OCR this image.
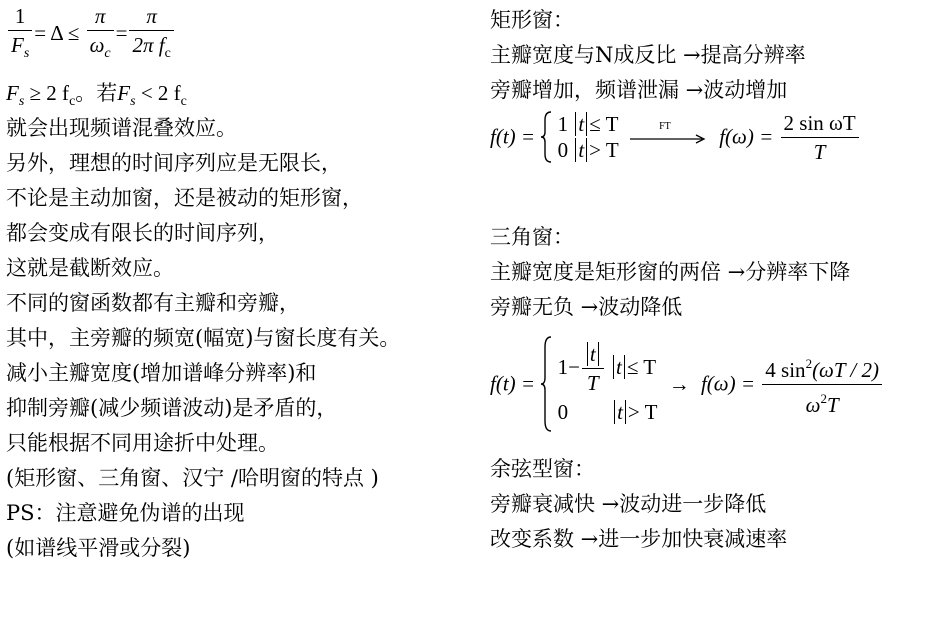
$\frac{1}{F_s} = \Delta \le \frac{\pi}{\omega_c} = \frac{\pi}{2\pi f_c}$
$F_s \ge 2$ $f_c$。若$F_s < 2$ $f_c$
就会出现频谱混叠效应。
另外，理想的时间序列应是无限长，
不论是主动加窗，还是被动的矩形窗，
都会变成有限长的时间序列，
这就是截断效应。
不同的窗函数都有主瓣和旁瓣，
其中，主旁瓣的频宽(幅宽)与窗长度有关。
减小主瓣宽度(增加谱峰分辨率)和
抑制旁瓣(减少频谱波动)是矛盾的，
只能根据不同用途折中处理。
(矩形窗、三角窗、汉宁 /哈明窗的特点 )
PS：注意避免伪谱的出现
(如谱线平滑或分裂)
矩形窗：
主瓣宽度与N成反比 →提高分辨率
旁瓣增加，频谱泄漏 →波动增加
f(t) =
1 t ≤ T
0 t > T

FT	$f(\omega) = \frac{\text{2 sin ωT}}{T}$
三角窗：
主瓣宽度是矩形窗的两倍 →分辨率下降
旁瓣无负 →波动降低
f(t) =
$1- \frac{t}{T}$ t ≤ T
0 t > T
→ $f(\omega) = \frac{4 \sin^2(\omega T / 2)}{\omega^2T}$
余弦型窗：
旁瓣衰减快 →波动进一步降低
改变系数 →进一步加快衰减速率
